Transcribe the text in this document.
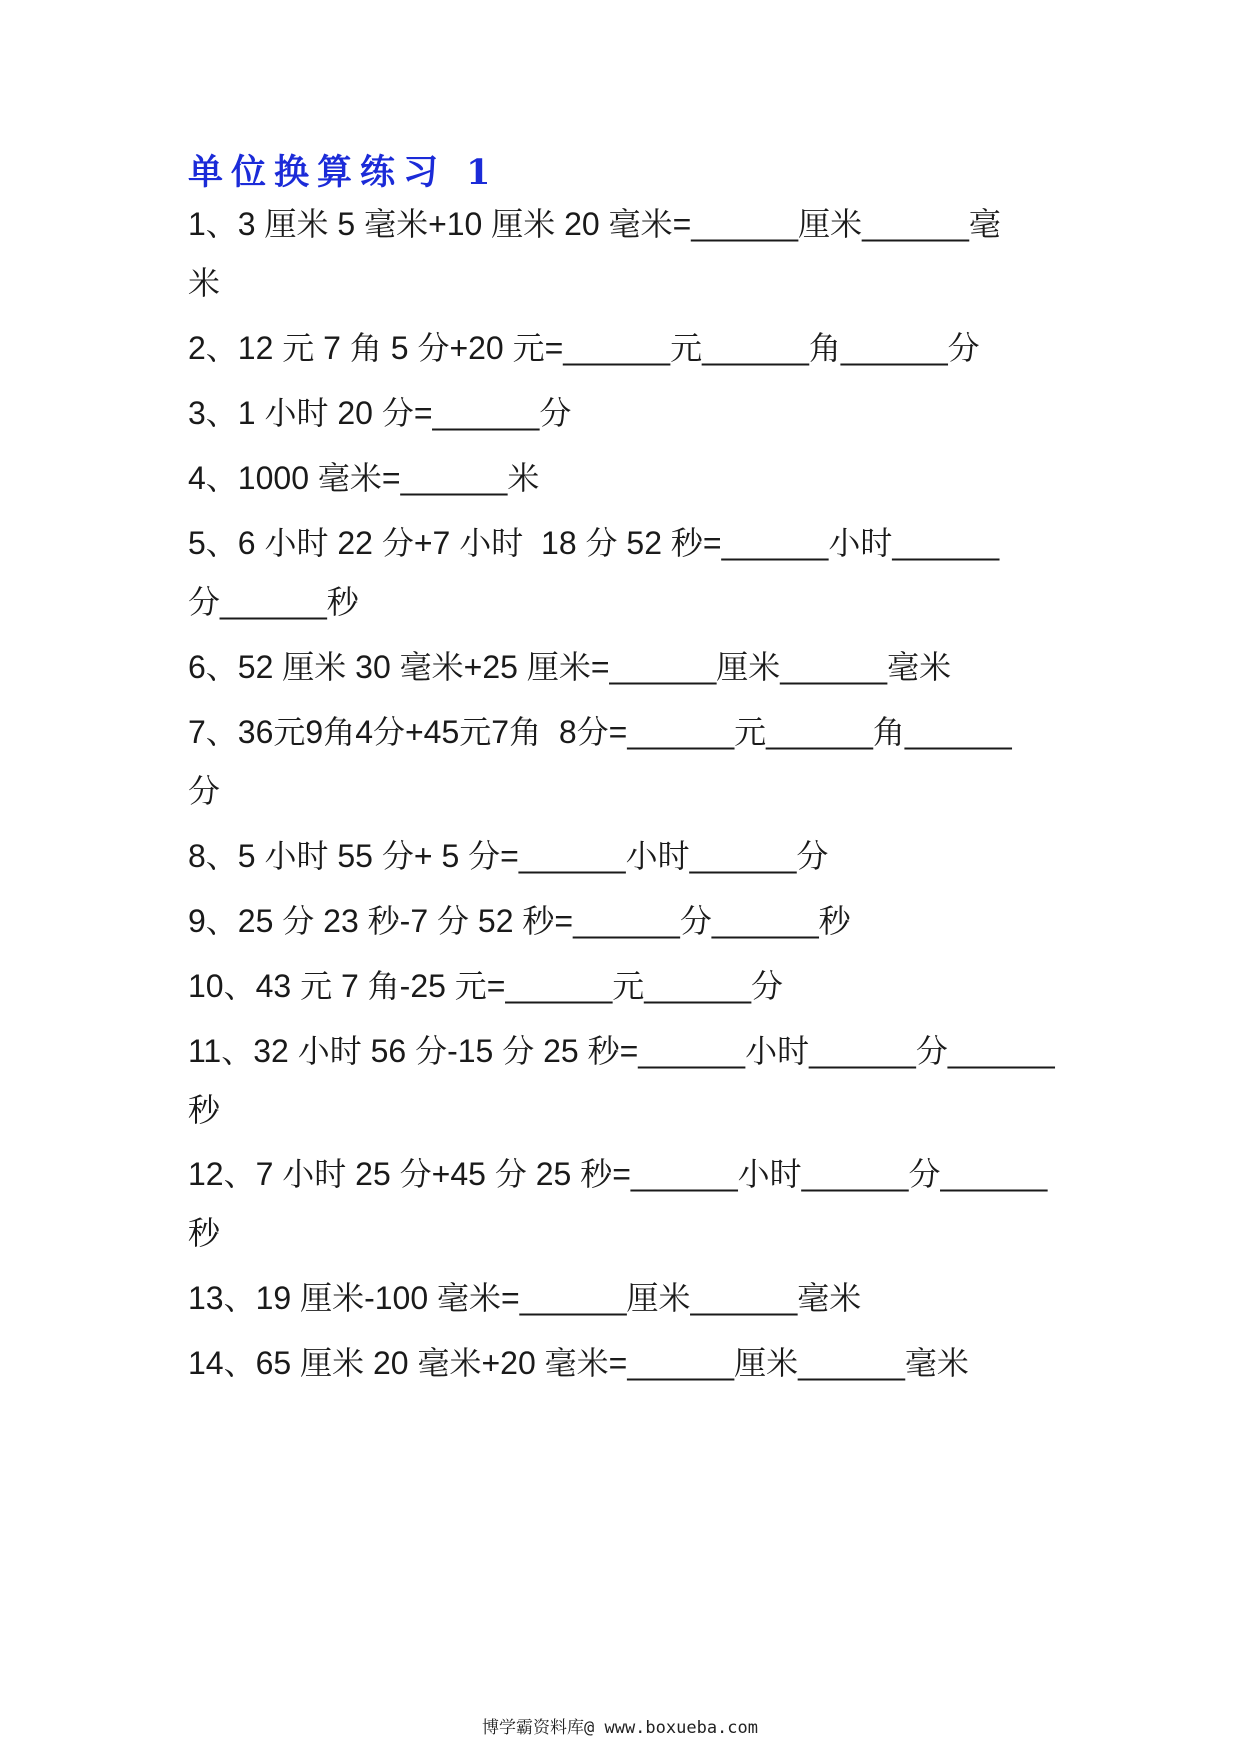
单位换算练习 1
1、3 厘米 5 毫米+10 厘米 20 毫米=______厘米______毫
米
2、12 元 7 角 5 分+20 元=______元______角______分
3、1 小时 20 分=______分
4、1000 毫米=______米
5、6 小时 22 分+7 小时  18 分 52 秒=______小时______
分______秒
6、52 厘米 30 毫米+25 厘米=______厘米______毫米
7、36元9角4分+45元7角  8分=______元______角______
分
8、5 小时 55 分+ 5 分=______小时______分
9、25 分 23 秒-7 分 52 秒=______分______秒
10、43 元 7 角-25 元=______元______分
11、32 小时 56 分-15 分 25 秒=______小时______分______
秒
12、7 小时 25 分+45 分 25 秒=______小时______分______
秒
13、19 厘米-100 毫米=______厘米______毫米
14、65 厘米 20 毫米+20 毫米=______厘米______毫米
博学霸资料库@ www.boxueba.com
